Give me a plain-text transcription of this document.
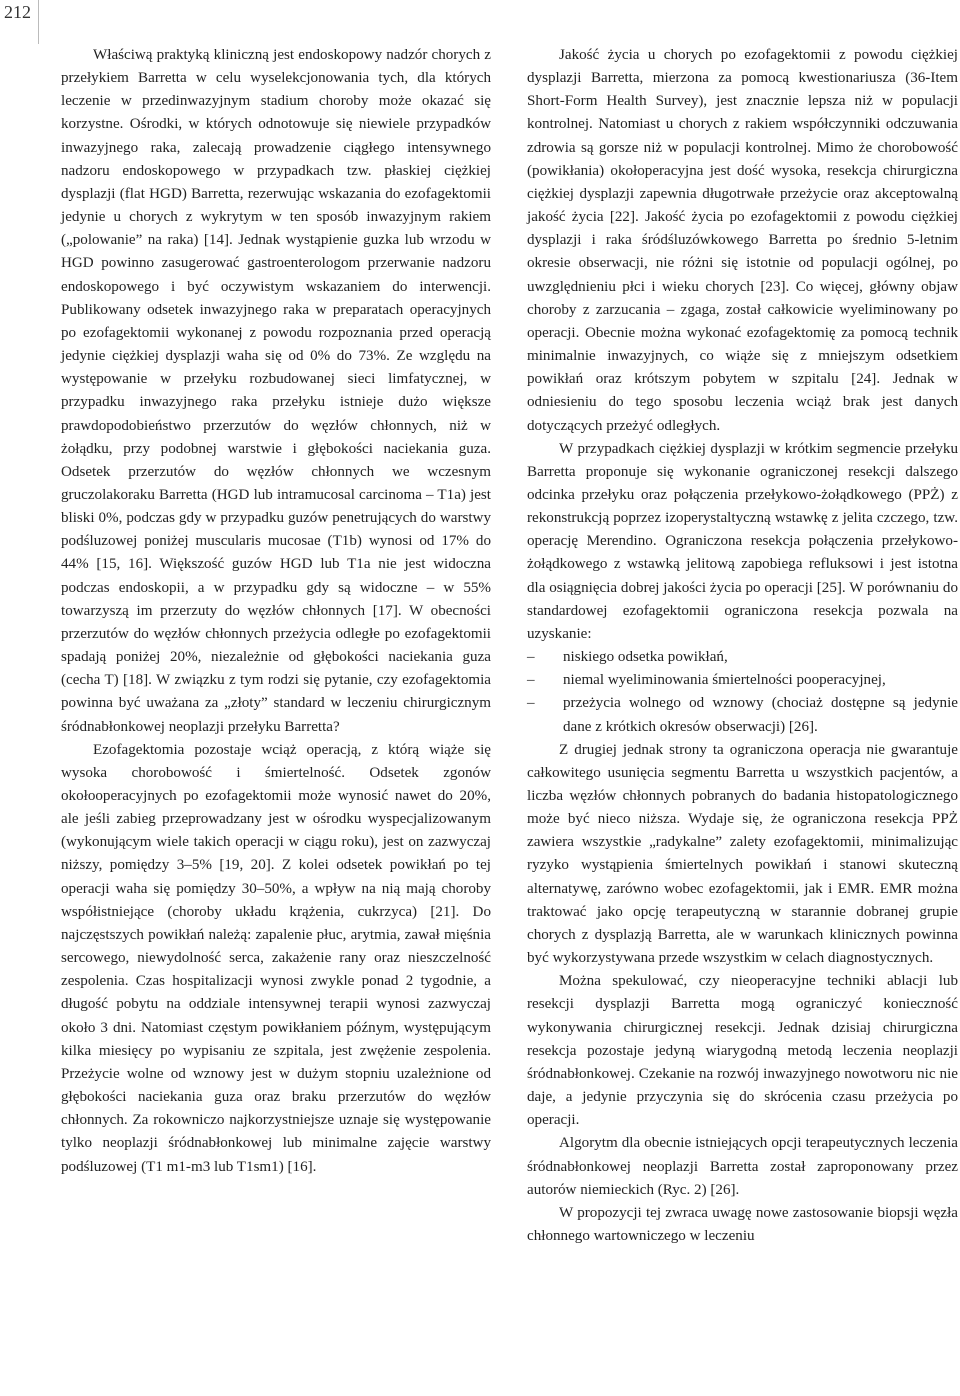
212

Właściwą praktyką kliniczną jest endoskopowy nadzór chorych z przełykiem Barretta w celu wyselekcjonowania tych, dla których leczenie w przedinwazyjnym stadium choroby może okazać się korzystne. Ośrodki, w których odnotowuje się niewiele przypadków inwazyjnego raka, zalecają prowadzenie ciągłego intensywnego nadzoru endoskopowego w przypadkach tzw. płaskiej ciężkiej dysplazji (flat HGD) Barretta, rezerwując wskazania do ezofagektomii jedynie u chorych z wykrytym w ten sposób inwazyjnym rakiem („polowanie” na raka) [14]. Jednak wystąpienie guzka lub wrzodu w HGD powinno zasugerować gastroenterologom przerwanie nadzoru endoskopowego i być oczywistym wskazaniem do interwencji. Publikowany odsetek inwazyjnego raka w preparatach operacyjnych po ezofagektomii wykonanej z powodu rozpoznania przed operacją jedynie ciężkiej dysplazji waha się od 0% do 73%. Ze względu na występowanie w przełyku rozbudowanej sieci limfatycznej, w przypadku inwazyjnego raka przełyku istnieje dużo większe prawdopodobieństwo przerzutów do węzłów chłonnych, niż w żołądku, przy podobnej warstwie i głębokości naciekania guza. Odsetek przerzutów do węzłów chłonnych we wczesnym gruczolakoraku Barretta (HGD lub intramucosal carcinoma – T1a) jest bliski 0%, podczas gdy w przypadku guzów penetrujących do warstwy podśluzowej poniżej muscularis mucosae (T1b) wynosi od 17% do 44% [15, 16]. Większość guzów HGD lub T1a nie jest widoczna podczas endoskopii, a w przypadku gdy są widoczne – w 55% towarzyszą im przerzuty do węzłów chłonnych [17]. W obecności przerzutów do węzłów chłonnych przeżycia odległe po ezofagektomii spadają poniżej 20%, niezależnie od głębokości naciekania guza (cecha T) [18]. W związku z tym rodzi się pytanie, czy ezofagektomia powinna być uważana za „złoty” standard w leczeniu chirurgicznym śródnabłonkowej neoplazji przełyku Barretta?

Ezofagektomia pozostaje wciąż operacją, z którą wiąże się wysoka chorobowość i śmiertelność. Odsetek zgonów okołooperacyjnych po ezofagektomii może wynosić nawet do 20%, ale jeśli zabieg przeprowadzany jest w ośrodku wyspecjalizowanym (wykonującym wiele takich operacji w ciągu roku), jest on zazwyczaj niższy, pomiędzy 3–5% [19, 20]. Z kolei odsetek powikłań po tej operacji waha się pomiędzy 30–50%, a wpływ na nią mają choroby współistniejące (choroby układu krążenia, cukrzyca) [21]. Do najczęstszych powikłań należą: zapalenie płuc, arytmia, zawał mięśnia sercowego, niewydolność serca, zakażenie rany oraz nieszczelność zespolenia. Czas hospitalizacji wynosi zwykle ponad 2 tygodnie, a długość pobytu na oddziale intensywnej terapii wynosi zazwyczaj około 3 dni. Natomiast częstym powikłaniem późnym, występującym kilka miesięcy po wypisaniu ze szpitala, jest zwężenie zespolenia. Przeżycie wolne od wznowy jest w dużym stopniu uzależnione od głębokości naciekania guza oraz braku przerzutów do węzłów chłonnych. Za rokowniczo najkorzystniejsze uznaje się występowanie tylko neoplazji śródnabłonkowej lub minimalne zajęcie warstwy podśluzowej (T1 m1-m3 lub T1sm1) [16].

Jakość życia u chorych po ezofagektomii z powodu ciężkiej dysplazji Barretta, mierzona za pomocą kwestionariusza (36-Item Short-Form Health Survey), jest znacznie lepsza niż w populacji kontrolnej. Natomiast u chorych z rakiem współczynniki odczuwania zdrowia są gorsze niż w populacji kontrolnej. Mimo że chorobowość (powikłania) okołoperacyjna jest dość wysoka, resekcja chirurgiczna ciężkiej dysplazji zapewnia długotrwałe przeżycie oraz akceptowalną jakość życia [22]. Jakość życia po ezofagektomii z powodu ciężkiej dysplazji i raka śródśluzówkowego Barretta po średnio 5-letnim okresie obserwacji, nie różni się istotnie od populacji ogólnej, po uwzględnieniu płci i wieku chorych [23]. Co więcej, główny objaw choroby z zarzucania – zgaga, został całkowicie wyeliminowany po operacji. Obecnie można wykonać ezofagektomię za pomocą technik minimalnie inwazyjnych, co wiąże się z mniejszym odsetkiem powikłań oraz krótszym pobytem w szpitalu [24]. Jednak w odniesieniu do tego sposobu leczenia wciąż brak jest danych dotyczących przeżyć odległych.

W przypadkach ciężkiej dysplazji w krótkim segmencie przełyku Barretta proponuje się wykonanie ograniczonej resekcji dalszego odcinka przełyku oraz połączenia przełykowo-żołądkowego (PPŻ) z rekonstrukcją poprzez izoperystaltyczną wstawkę z jelita czczego, tzw. operację Merendino. Ograniczona resekcja połączenia przełykowo-żołądkowego z wstawką jelitową zapobiega refluksowi i jest istotna dla osiągnięcia dobrej jakości życia po operacji [25]. W porównaniu do standardowej ezofagektomii ograniczona resekcja pozwala na uzyskanie:

– niskiego odsetka powikłań,
– niemal wyeliminowania śmiertelności pooperacyjnej,
– przeżycia wolnego od wznowy (chociaż dostępne są jedynie dane z krótkich okresów obserwacji) [26].

Z drugiej jednak strony ta ograniczona operacja nie gwarantuje całkowitego usunięcia segmentu Barretta u wszystkich pacjentów, a liczba węzłów chłonnych pobranych do badania histopatologicznego może być nieco niższa. Wydaje się, że ograniczona resekcja PPŻ zawiera wszystkie „radykalne” zalety ezofagektomii, minimalizując ryzyko wystąpienia śmiertelnych powikłań i stanowi skuteczną alternatywę, zarówno wobec ezofagektomii, jak i EMR. EMR można traktować jako opcję terapeutyczną w starannie dobranej grupie chorych z dysplazją Barretta, ale w warunkach klinicznych powinna być wykorzystywana przede wszystkim w celach diagnostycznych.

Można spekulować, czy nieoperacyjne techniki ablacji lub resekcji dysplazji Barretta mogą ograniczyć konieczność wykonywania chirurgicznej resekcji. Jednak dzisiaj chirurgiczna resekcja pozostaje jedyną wiarygodną metodą leczenia neoplazji śródnabłonkowej. Czekanie na rozwój inwazyjnego nowotworu nic nie daje, a jedynie przyczynia się do skrócenia czasu przeżycia po operacji.

Algorytm dla obecnie istniejących opcji terapeutycznych leczenia śródnabłonkowej neoplazji Barretta został zaproponowany przez autorów niemieckich (Ryc. 2) [26].

W propozycji tej zwraca uwagę nowe zastosowanie biopsji węzła chłonnego wartowniczego w leczeniu
